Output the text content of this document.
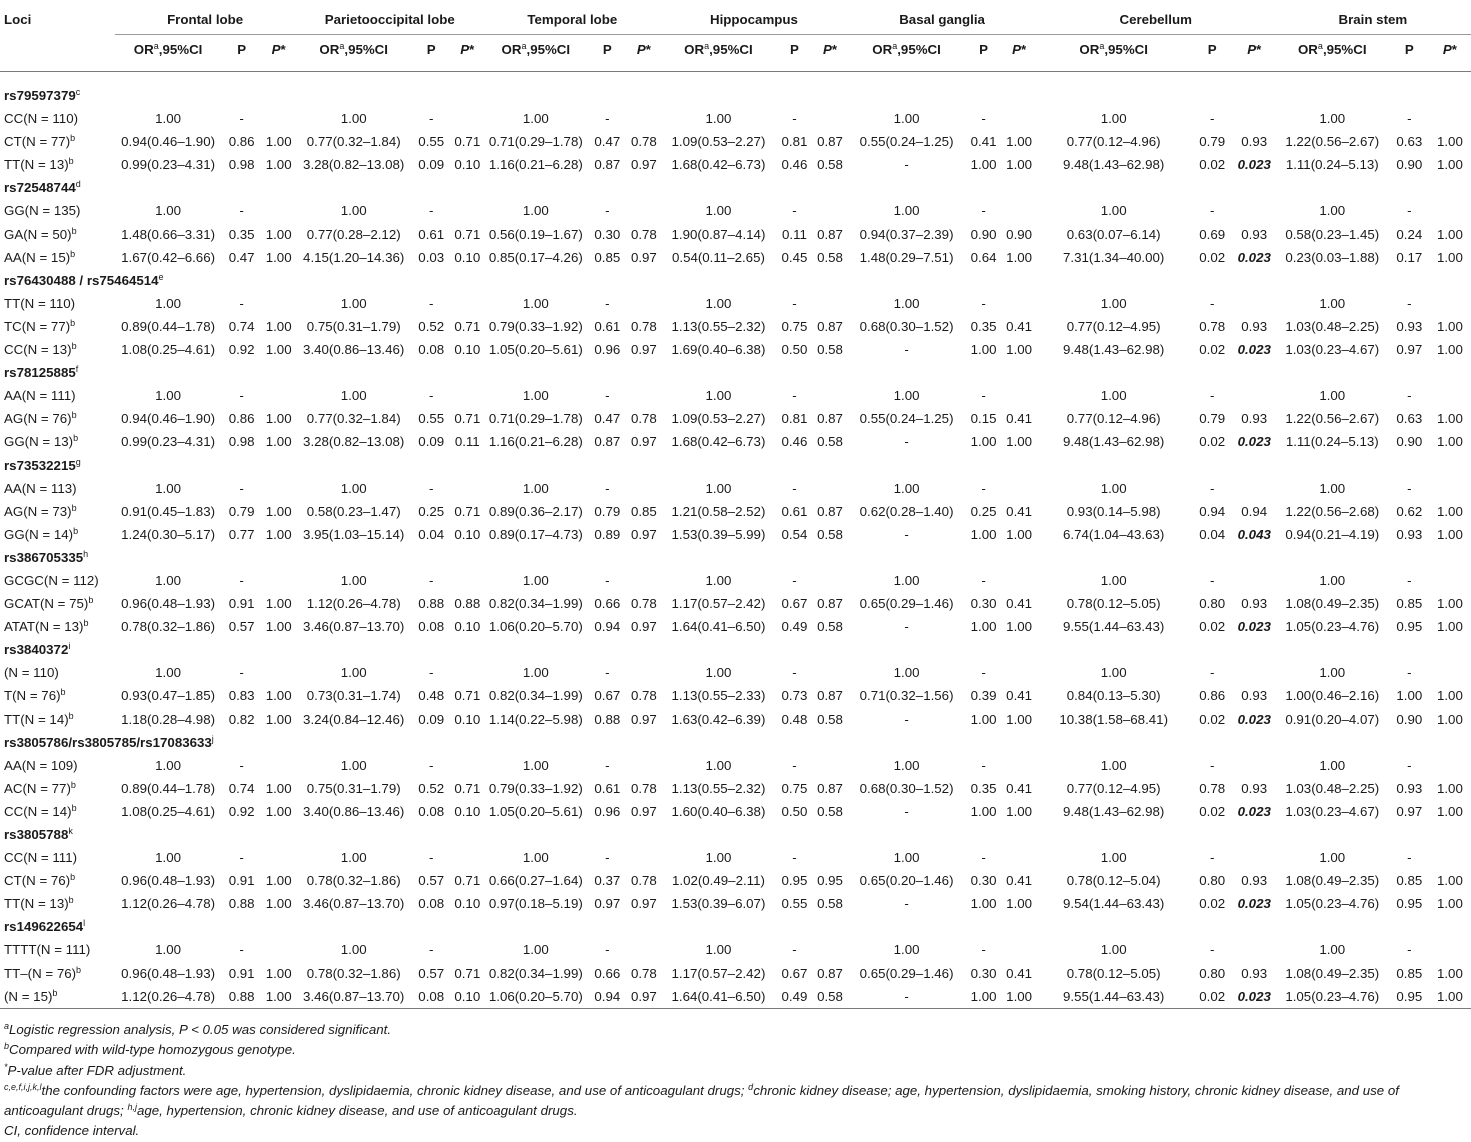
Loci	Frontal lobe			Parietooccipital lobe			Temporal lobe			Hippocampus			Basal ganglia			Cerebellum			Brain stem		
	$OR^a,95\%CI$	P	P*	$OR^a,95\%CI$	P	P*	$OR^a,95\%CI$	P	P*	$OR^a,95\%CI$	P	P*	$OR^a,95\%CI$	P	P*	$OR^a,95\%CI$	P	P*	$OR^a,95\%CI$	P	P*

rs79597379$^c$
CC(N = 110)	1.00	-		1.00	-		1.00	-		1.00	-		1.00	-		1.00	-		1.00	-	
CT(N = 77)$^b$	0.94(0.46–1.90)	0.86	1.00	0.77(0.32–1.84)	0.55	0.71	0.71(0.29–1.78)	0.47	0.78	1.09(0.53–2.27)	0.81	0.87	0.55(0.24–1.25)	0.41	1.00	0.77(0.12–4.96)	0.79	0.93	1.22(0.56–2.67)	0.63	1.00
TT(N = 13)$^b$	0.99(0.23–4.31)	0.98	1.00	3.28(0.82–13.08)	0.09	0.10	1.16(0.21–6.28)	0.87	0.97	1.68(0.42–6.73)	0.46	0.58	-	1.00	1.00	9.48(1.43–62.98)	0.02	0.023	1.11(0.24–5.13)	0.90	1.00
rs72548744$^d$
GG(N = 135)	1.00	-		1.00	-		1.00	-		1.00	-		1.00	-		1.00	-		1.00	-	
GA(N = 50)$^b$	1.48(0.66–3.31)	0.35	1.00	0.77(0.28–2.12)	0.61	0.71	0.56(0.19–1.67)	0.30	0.78	1.90(0.87–4.14)	0.11	0.87	0.94(0.37–2.39)	0.90	0.90	0.63(0.07–6.14)	0.69	0.93	0.58(0.23–1.45)	0.24	1.00
AA(N = 15)$^b$	1.67(0.42–6.66)	0.47	1.00	4.15(1.20–14.36)	0.03	0.10	0.85(0.17–4.26)	0.85	0.97	0.54(0.11–2.65)	0.45	0.58	1.48(0.29–7.51)	0.64	1.00	7.31(1.34–40.00)	0.02	0.023	0.23(0.03–1.88)	0.17	1.00
rs76430488 / rs75464514e
TT(N = 110)	1.00	-		1.00	-		1.00	-		1.00	-		1.00	-		1.00	-		1.00	-	
TC(N = 77)$^b$	0.89(0.44–1.78)	0.74	1.00	0.75(0.31–1.79)	0.52	0.71	0.79(0.33–1.92)	0.61	0.78	1.13(0.55–2.32)	0.75	0.87	0.68(0.30–1.52)	0.35	0.41	0.77(0.12–4.95)	0.78	0.93	1.03(0.48–2.25)	0.93	1.00
CC(N = 13)$^b$	1.08(0.25–4.61)	0.92	1.00	3.40(0.86–13.46)	0.08	0.10	1.05(0.20–5.61)	0.96	0.97	1.69(0.40–6.38)	0.50	0.58	-	1.00	1.00	9.48(1.43–62.98)	0.02	0.023	1.03(0.23–4.67)	0.97	1.00
rs78125885$^f$
AA(N = 111)	1.00	-		1.00	-		1.00	-		1.00	-		1.00	-		1.00	-		1.00	-	
AG(N = 76)$^b$	0.94(0.46–1.90)	0.86	1.00	0.77(0.32–1.84)	0.55	0.71	0.71(0.29–1.78)	0.47	0.78	1.09(0.53–2.27)	0.81	0.87	0.55(0.24–1.25)	0.15	0.41	0.77(0.12–4.96)	0.79	0.93	1.22(0.56–2.67)	0.63	1.00
GG(N = 13)$^b$	0.99(0.23–4.31)	0.98	1.00	3.28(0.82–13.08)	0.09	0.11	1.16(0.21–6.28)	0.87	0.97	1.68(0.42–6.73)	0.46	0.58	-	1.00	1.00	9.48(1.43–62.98)	0.02	0.023	1.11(0.24–5.13)	0.90	1.00
rs73532215$^g$
AA(N = 113)	1.00	-		1.00	-		1.00	-		1.00	-		1.00	-		1.00	-		1.00	-	
AG(N = 73)$^b$	0.91(0.45–1.83)	0.79	1.00	0.58(0.23–1.47)	0.25	0.71	0.89(0.36–2.17)	0.79	0.85	1.21(0.58–2.52)	0.61	0.87	0.62(0.28–1.40)	0.25	0.41	0.93(0.14–5.98)	0.94	0.94	1.22(0.56–2.68)	0.62	1.00
GG(N = 14)$^b$	1.24(0.30–5.17)	0.77	1.00	3.95(1.03–15.14)	0.04	0.10	0.89(0.17–4.73)	0.89	0.97	1.53(0.39–5.99)	0.54	0.58	-	1.00	1.00	6.74(1.04–43.63)	0.04	0.043	0.94(0.21–4.19)	0.93	1.00
rs386705335$^h$
GCGC(N = 112)	1.00	-		1.00	-		1.00	-		1.00	-		1.00	-		1.00	-		1.00	-	
GCAT(N = 75)$^b$	0.96(0.48–1.93)	0.91	1.00	1.12(0.26–4.78)	0.88	0.88	0.82(0.34–1.99)	0.66	0.78	1.17(0.57–2.42)	0.67	0.87	0.65(0.29–1.46)	0.30	0.41	0.78(0.12–5.05)	0.80	0.93	1.08(0.49–2.35)	0.85	1.00
ATAT(N = 13)$^b$	0.78(0.32–1.86)	0.57	1.00	3.46(0.87–13.70)	0.08	0.10	1.06(0.20–5.70)	0.94	0.97	1.64(0.41–6.50)	0.49	0.58	-	1.00	1.00	9.55(1.44–63.43)	0.02	0.023	1.05(0.23–4.76)	0.95	1.00
rs3840372$^i$
(N = 110)	1.00	-		1.00	-		1.00	-		1.00	-		1.00	-		1.00	-		1.00	-	
T(N = 76)$^b$	0.93(0.47–1.85)	0.83	1.00	0.73(0.31–1.74)	0.48	0.71	0.82(0.34–1.99)	0.67	0.78	1.13(0.55–2.33)	0.73	0.87	0.71(0.32–1.56)	0.39	0.41	0.84(0.13–5.30)	0.86	0.93	1.00(0.46–2.16)	1.00	1.00
TT(N = 14)$^b$	1.18(0.28–4.98)	0.82	1.00	3.24(0.84–12.46)	0.09	0.10	1.14(0.22–5.98)	0.88	0.97	1.63(0.42–6.39)	0.48	0.58	-	1.00	1.00	10.38(1.58–68.41)	0.02	0.023	0.91(0.20–4.07)	0.90	1.00
rs3805786/rs3805785/rs17083633$^j$
AA(N = 109)	1.00	-		1.00	-		1.00	-		1.00	-		1.00	-		1.00	-		1.00	-	
AC(N = 77)$^b$	0.89(0.44–1.78)	0.74	1.00	0.75(0.31–1.79)	0.52	0.71	0.79(0.33–1.92)	0.61	0.78	1.13(0.55–2.32)	0.75	0.87	0.68(0.30–1.52)	0.35	0.41	0.77(0.12–4.95)	0.78	0.93	1.03(0.48–2.25)	0.93	1.00
CC(N = 14)$^b$	1.08(0.25–4.61)	0.92	1.00	3.40(0.86–13.46)	0.08	0.10	1.05(0.20–5.61)	0.96	0.97	1.60(0.40–6.38)	0.50	0.58	-	1.00	1.00	9.48(1.43–62.98)	0.02	0.023	1.03(0.23–4.67)	0.97	1.00
rs3805788$^k$
CC(N = 111)	1.00	-		1.00	-		1.00	-		1.00	-		1.00	-		1.00	-		1.00	-	
CT(N = 76)$^b$	0.96(0.48–1.93)	0.91	1.00	0.78(0.32–1.86)	0.57	0.71	0.66(0.27–1.64)	0.37	0.78	1.02(0.49–2.11)	0.95	0.95	0.65(0.20–1.46)	0.30	0.41	0.78(0.12–5.04)	0.80	0.93	1.08(0.49–2.35)	0.85	1.00
TT(N = 13)$^b$	1.12(0.26–4.78)	0.88	1.00	3.46(0.87–13.70)	0.08	0.10	0.97(0.18–5.19)	0.97	0.97	1.53(0.39–6.07)	0.55	0.58	-	1.00	1.00	9.54(1.44–63.43)	0.02	0.023	1.05(0.23–4.76)	0.95	1.00
rs149622654$^l$
TTTT(N = 111)	1.00	-		1.00	-		1.00	-		1.00	-		1.00	-		1.00	-		1.00	-	
TT–(N = 76)$^b$	0.96(0.48–1.93)	0.91	1.00	0.78(0.32–1.86)	0.57	0.71	0.82(0.34–1.99)	0.66	0.78	1.17(0.57–2.42)	0.67	0.87	0.65(0.29–1.46)	0.30	0.41	0.78(0.12–5.05)	0.80	0.93	1.08(0.49–2.35)	0.85	1.00
(N = 15)$^b$	1.12(0.26–4.78)	0.88	1.00	3.46(0.87–13.70)	0.08	0.10	1.06(0.20–5.70)	0.94	0.97	1.64(0.41–6.50)	0.49	0.58	-	1.00	1.00	9.55(1.44–63.43)	0.02	0.023	1.05(0.23–4.76)	0.95	1.00

$^a$Logistic regression analysis, P < 0.05 was considered significant.

$^b$Compared with wild-type homozygous genotype.

*P-value after FDR adjustment.

$^{c,e,f,i,j,k,l}$the confounding factors were age, hypertension, dyslipidaemia, chronic kidney disease, and use of anticoagulant drugs; $^d$chronic kidney disease; age, hypertension, dyslipidaemia, smoking history, chronic kidney disease, and use of anticoagulant drugs; $^{h,j}$age, hypertension, chronic kidney disease, and use of anticoagulant drugs.

CI, confidence interval.
